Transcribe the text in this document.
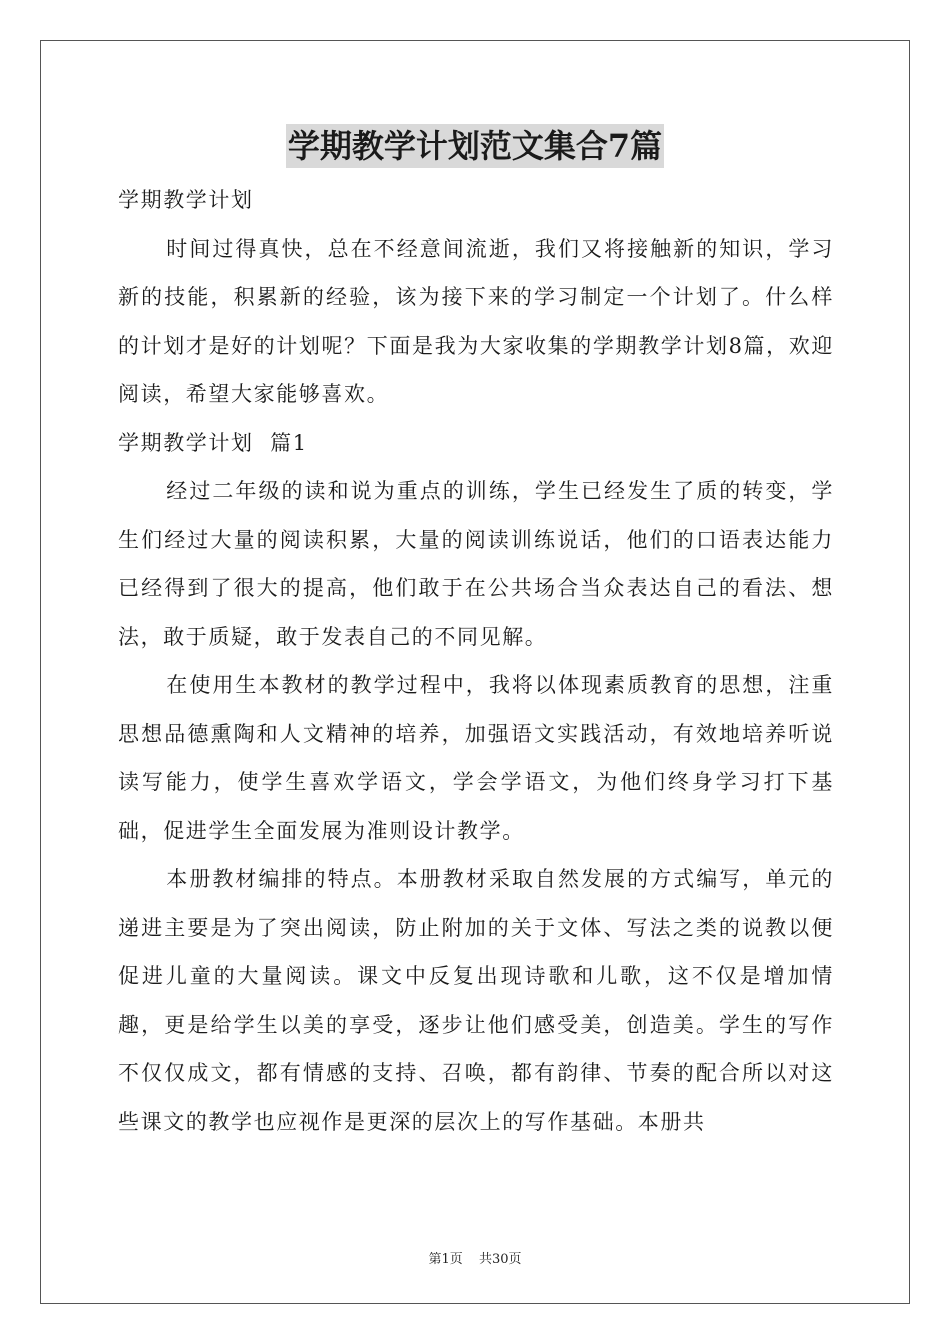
学期教学计划范文集合7篇

学期教学计划

时间过得真快，总在不经意间流逝，我们又将接触新的知识，学习新的技能，积累新的经验，该为接下来的学习制定一个计划了。什么样的计划才是好的计划呢？下面是我为大家收集的学期教学计划8篇，欢迎阅读，希望大家能够喜欢。

学期教学计划  篇1

经过二年级的读和说为重点的训练，学生已经发生了质的转变，学生们经过大量的阅读积累，大量的阅读训练说话，他们的口语表达能力已经得到了很大的提高，他们敢于在公共场合当众表达自己的看法、想法，敢于质疑，敢于发表自己的不同见解。

在使用生本教材的教学过程中，我将以体现素质教育的思想，注重思想品德熏陶和人文精神的培养，加强语文实践活动，有效地培养听说读写能力，使学生喜欢学语文，学会学语文，为他们终身学习打下基础，促进学生全面发展为准则设计教学。

本册教材编排的特点。本册教材采取自然发展的方式编写，单元的递进主要是为了突出阅读，防止附加的关于文体、写法之类的说教以便促进儿童的大量阅读。课文中反复出现诗歌和儿歌，这不仅是增加情趣，更是给学生以美的享受，逐步让他们感受美，创造美。学生的写作不仅仅成文，都有情感的支持、召唤，都有韵律、节奏的配合所以对这些课文的教学也应视作是更深的层次上的写作基础。本册共

第1页 共30页
